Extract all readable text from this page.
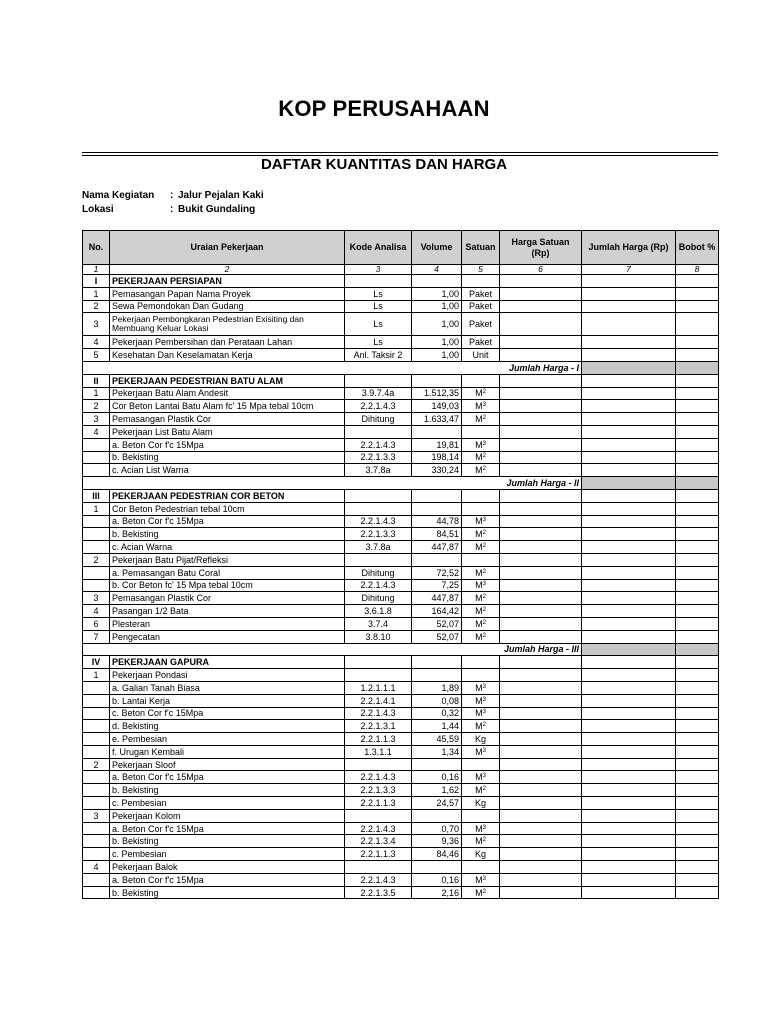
KOP PERUSAHAAN
DAFTAR KUANTITAS DAN HARGA
Nama Kegiatan : Jalur Pejalan Kaki
Lokasi	: Bukit Gundaling
No.	Uraian Pekerjaan	Kode Analisa	Volume	Satuan	Harga Satuan (Rp)	Jumlah Harga (Rp)	Bobot %
1	2	3	4	5	6	7	8
I	PEKERJAAN PERSIAPAN						
1	Pemasangan Papan Nama Proyek	Ls	1,00	Paket			
2	Sewa Pemondokan Dan Gudang	Ls	1,00	Paket			
3	Pekerjaan Pembongkaran Pedestrian Exisiting dan Membuang Keluar Lokasi	Ls	1,00	Paket			
4	Pekerjaan Pembersihan dan Perataan Lahan	Ls	1,00	Paket			
5	Kesehatan Dan Keselamatan Kerja	Anl. Taksir 2	1,00	Unit			
	Jumlah Harga - I						
II	PEKERJAAN PEDESTRIAN BATU ALAM						
1	Pekerjaan Batu Alam Andesit	3.9.7.4a	1.512,35	$M^2$			
2	Cor Beton Lantai Batu Alam fc' 15 Mpa tebal 10cm	2.2.1.4.3	149,03	$M^3$			
3	Pemasangan Plastik Cor	Dihitung	1.633,47	$M^2$			
4	Pekerjaan List Batu Alam						
	a. Beton Cor f'c 15Mpa	2.2.1.4.3	19,81	$M^3$			
	b. Bekisting	2.2.1.3.3	198,14	$M^2$			
	c. Acian List Warna	3.7.8a	330,24	$M^2$			
	Jumlah Harga - II						
III	PEKERJAAN PEDESTRIAN COR BETON						
1	Cor Beton Pedestrian tebal 10cm						
	a. Beton Cor f'c 15Mpa	2.2.1.4.3	44,78	$M^3$			
	b. Bekisting	2.2.1.3.3	84,51	$M^2$			
	c. Acian Warna	3.7.8a	447,87	$M^2$			
2	Pekerjaan Batu Pijat/Refleksi						
	a. Pemasangan Batu Coral	Dihitung	72,52	$M^2$			
	b. Cor Beton fc' 15 Mpa tebal 10cm	2.2.1.4.3	7,25	$M^3$			
3	Pemasangan Plastik Cor	Dihitung	447,87	$M^2$			
4	Pasangan 1/2 Bata	3.6.1.8	164,42	$M^2$			
6	Plesteran	3.7.4	52,07	$M^2$			
7	Pengecatan	3.8.10	52,07	$M^2$			
	Jumlah Harga - III						
IV	PEKERJAAN GAPURA						
1	Pekerjaan Pondasi						
	a. Galian Tanah Biasa	1.2.1.1.1	1,89	$M^3$			
	b. Lantai Kerja	2.2.1.4.1	0,08	$M^3$			
	c. Beton Cor f'c 15Mpa	2.2.1.4.3	0,32	$M^3$			
	d. Bekisting	2.2.1.3.1	1,44	$M^2$			
	e. Pembesian	2.2.1.1.3	45,59	Kg			
	f. Urugan Kembali	1.3.1.1	1,34	$M^3$			
2	Pekerjaan Sloof						
	a. Beton Cor f'c 15Mpa	2.2.1.4.3	0,16	$M^3$			
	b. Bekisting	2.2.1.3.3	1,62	$M^2$			
	c. Pembesian	2.2.1.1.3	24,57	Kg			
3	Pekerjaan Kolom						
	a. Beton Cor f'c 15Mpa	2.2.1.4.3	0,70	$M^3$			
	b. Bekisting	2.2.1.3.4	9,36	$M^2$			
	c. Pembesian	2.2.1.1.3	84,46	Kg			
4	Pekerjaan Balok						
	a. Beton Cor f'c 15Mpa	2.2.1.4.3	0,16	$M^3$			
	b. Bekisting	2.2.1.3.5	2,16	$M^2$			
